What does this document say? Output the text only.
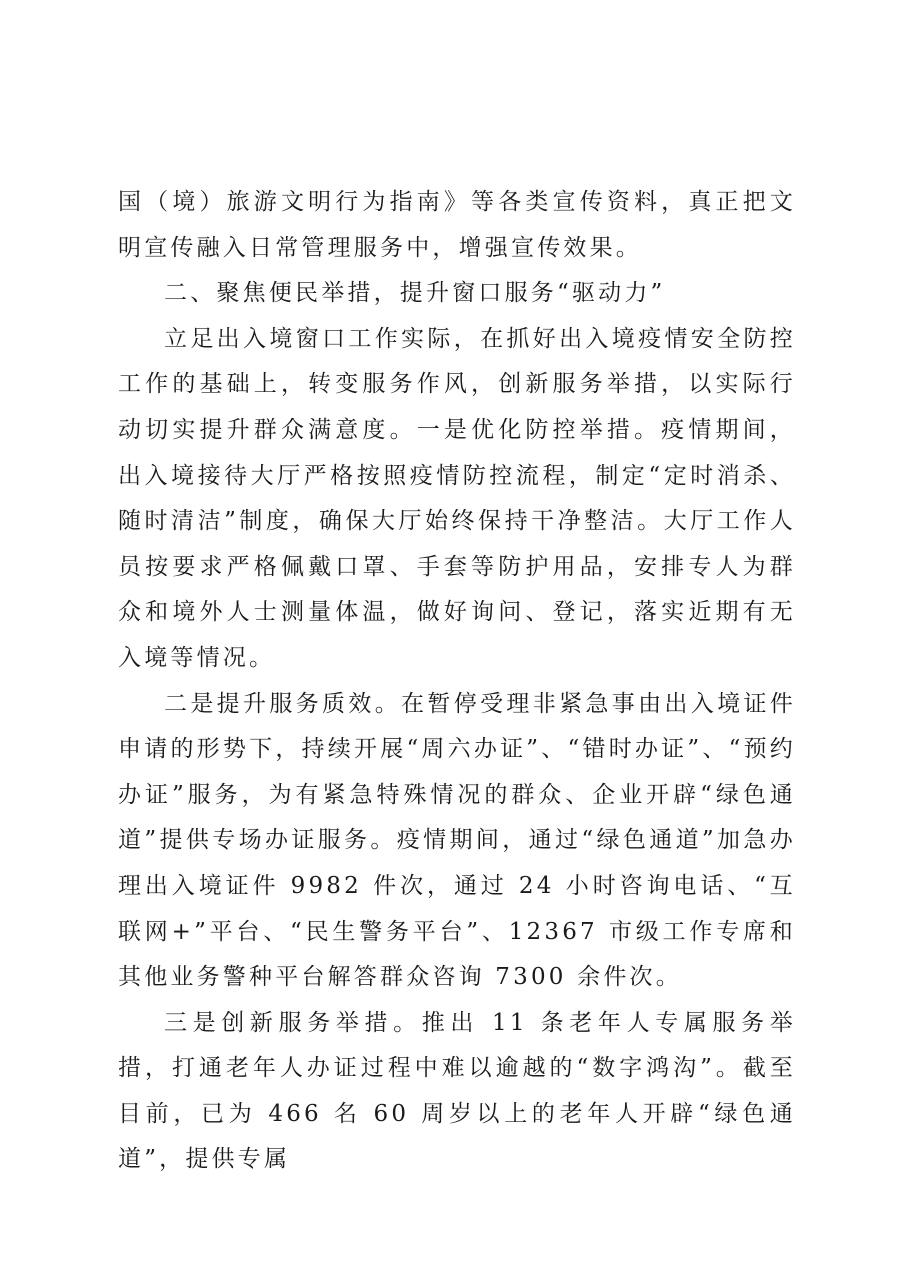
国（境）旅游文明行为指南》等各类宣传资料，真正把文明宣传融入日常管理服务中，增强宣传效果。

二、聚焦便民举措，提升窗口服务“驱动力”

立足出入境窗口工作实际，在抓好出入境疫情安全防控工作的基础上，转变服务作风，创新服务举措，以实际行动切实提升群众满意度。一是优化防控举措。疫情期间，出入境接待大厅严格按照疫情防控流程，制定“定时消杀、随时清洁”制度，确保大厅始终保持干净整洁。大厅工作人员按要求严格佩戴口罩、手套等防护用品，安排专人为群众和境外人士测量体温，做好询问、登记，落实近期有无入境等情况。

二是提升服务质效。在暂停受理非紧急事由出入境证件申请的形势下，持续开展“周六办证”、“错时办证”、“预约办证”服务，为有紧急特殊情况的群众、企业开辟“绿色通道”提供专场办证服务。疫情期间，通过“绿色通道”加急办理出入境证件 9982 件次，通过 24 小时咨询电话、“互联网+”平台、“民生警务平台”、12367 市级工作专席和其他业务警种平台解答群众咨询 7300 余件次。

三是创新服务举措。推出 11 条老年人专属服务举措，打通老年人办证过程中难以逾越的“数字鸿沟”。截至目前，已为 466 名 60 周岁以上的老年人开辟“绿色通道”，提供专属
